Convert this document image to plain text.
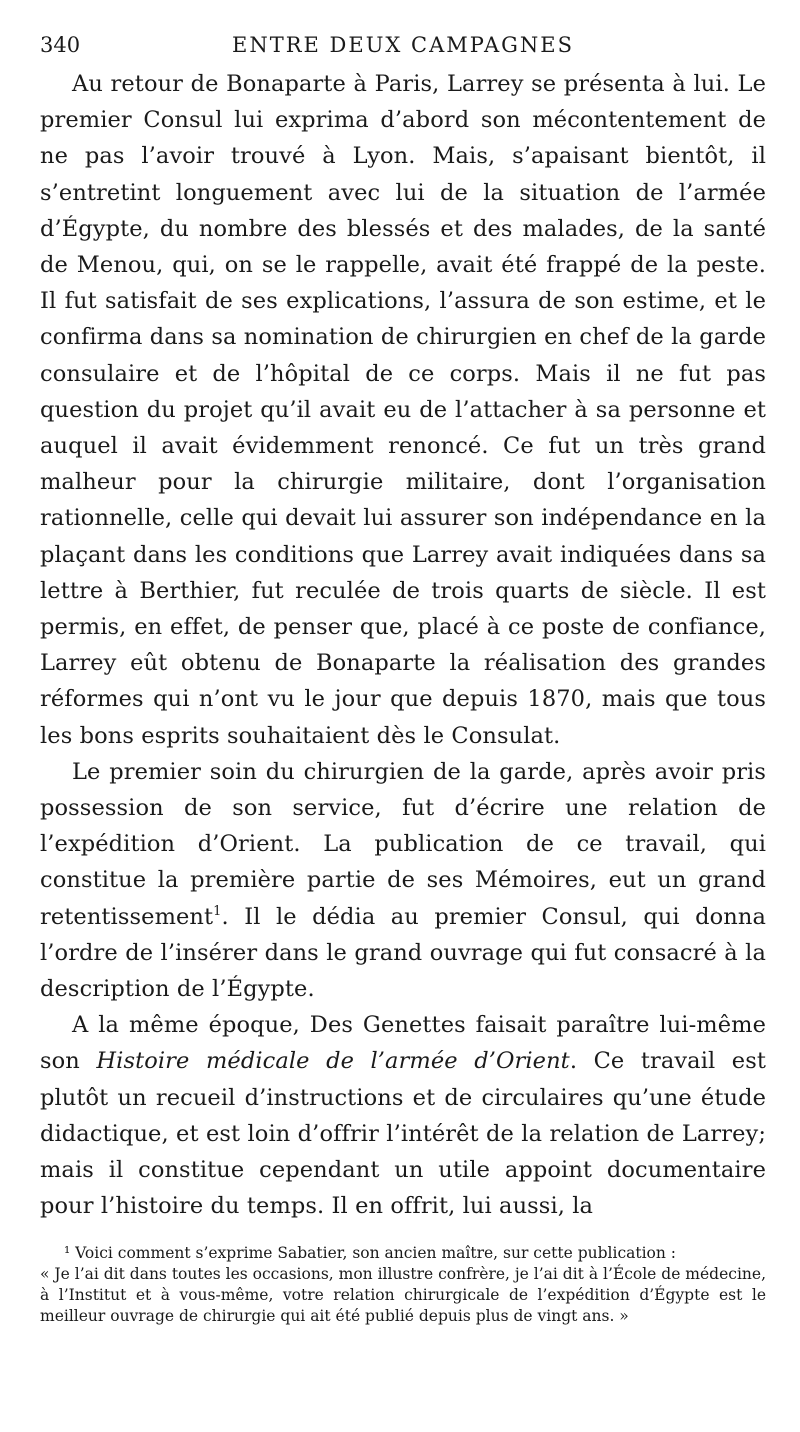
340	ENTRE DEUX CAMPAGNES

Au retour de Bonaparte à Paris, Larrey se présenta à lui. Le premier Consul lui exprima d’abord son mécontentement de ne pas l’avoir trouvé à Lyon. Mais, s’apaisant bientôt, il s’entretint longuement avec lui de la situation de l’armée d’Égypte, du nombre des blessés et des malades, de la santé de Menou, qui, on se le rappelle, avait été frappé de la peste. Il fut satisfait de ses explications, l’assura de son estime, et le confirma dans sa nomination de chirurgien en chef de la garde consulaire et de l’hôpital de ce corps. Mais il ne fut pas question du projet qu’il avait eu de l’attacher à sa personne et auquel il avait évidemment renoncé. Ce fut un très grand malheur pour la chirurgie militaire, dont l’organisation rationnelle, celle qui devait lui assurer son indépendance en la plaçant dans les conditions que Larrey avait indiquées dans sa lettre à Berthier, fut reculée de trois quarts de siècle. Il est permis, en effet, de penser que, placé à ce poste de confiance, Larrey eût obtenu de Bonaparte la réalisation des grandes réformes qui n’ont vu le jour que depuis 1870, mais que tous les bons esprits souhaitaient dès le Consulat.

Le premier soin du chirurgien de la garde, après avoir pris possession de son service, fut d’écrire une relation de l’expédition d’Orient. La publication de ce travail, qui constitue la première partie de ses Mémoires, eut un grand retentissement$^1$. Il le dédia au premier Consul, qui donna l’ordre de l’insérer dans le grand ouvrage qui fut consacré à la description de l’Égypte.

A la même époque, Des Genettes faisait paraître lui-même son Histoire médicale de l’armée d’Orient. Ce travail est plutôt un recueil d’instructions et de circulaires qu’une étude didactique, et est loin d’offrir l’intérêt de la relation de Larrey; mais il constitue cependant un utile appoint documentaire pour l’histoire du temps. Il en offrit, lui aussi, la

¹ Voici comment s’exprime Sabatier, son ancien maître, sur cette publication :
« Je l’ai dit dans toutes les occasions, mon illustre confrère, je l’ai dit à l’École de médecine, à l’Institut et à vous-même, votre relation chirurgicale de l’expédition d’Égypte est le meilleur ouvrage de chirurgie qui ait été publié depuis plus de vingt ans. »
